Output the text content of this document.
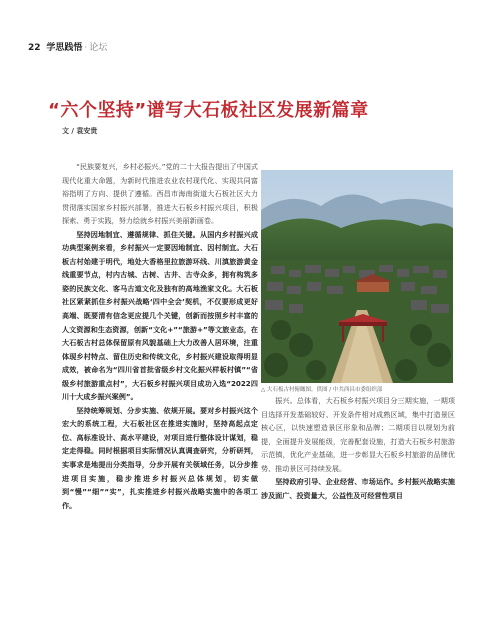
22 学思践悟 · 论坛
“六个坚持”谱写大石板社区发展新篇章
文 / 袁安贵

“民族要复兴，乡村必振兴。”党的二十大报告提出了中国式现代化重大命题，为新时代推进农业农村现代化、实现共同富裕指明了方向、提供了遵循。西昌市海南街道大石板社区大力贯彻落实国家乡村振兴部署，推进大石板乡村振兴项目，积极探索、勇于实践，努力绘就乡村振兴美丽新画卷。

坚持因地制宜、遵循规律、抓住关键。从国内乡村振兴成功典型案例来看，乡村振兴一定要因地制宜、因村制宜。大石板古村始建于明代，地处大香格里拉旅游环线、川滇旅游黄金线重要节点，村内古城、古树、古井、古寺众多，拥有构筑多姿的民族文化、客马古道文化及独有的高地渔家文化。大石板社区紧紧抓住乡村振兴战略‘四中全会’契机，不仅要形成更好高端、既要清有信念更应提几个关键，创新而按照乡村丰富的人文资源和生态资源，创新“文化+”“旅游+”等文旅业态，在大石板古村总体保留原有风貌基础上大力改善人居环境，注重体现乡村特点、留住历史和传统文化，乡村振兴建设取得明显成效，被命名为“四川省首批省级乡村文化振兴样板村镇”“省级乡村旅游重点村”，大石板乡村振兴项目成功入选“2022四川十大成乡振兴案例”。

坚持统筹规划、分步实施、依规开展。要对乡村振兴这个宏大的系统工程，大石板社区在推进实施时，坚持高起点定位、高标准设计、高水平建设，对项目进行整体设计谋划，稳定走得稳。同时根据项目实际情况认真调查研究，分析研判，实事求是地提出分类指导，分步开展有关领域任务，以分步推进项目实施，稳步推进乡村振兴总体规划，切实做到“慢”“细”“实”，扎实推进乡村振兴战略实施中的各项工作。

△ 大石板古村俯瞰图。供图 / 中共西昌市委组织部

振兴。总体看，大石板乡村振兴项目分三期实施，一期项目选择开发基础较好、开发条件相对成熟区域，集中打造景区核心区，以快速塑造景区形象和品牌；二期项目以规划为前提，全面提升发展能级，完善配套设施，打造大石板乡村旅游示范镇，优化产业基础，进一步彰显大石板乡村旅游的品牌优势、推动景区可持续发展。

坚持政府引导、企业经营、市场运作。乡村振兴战略实施涉及面广、投资量大，公益性及可经营性项目
